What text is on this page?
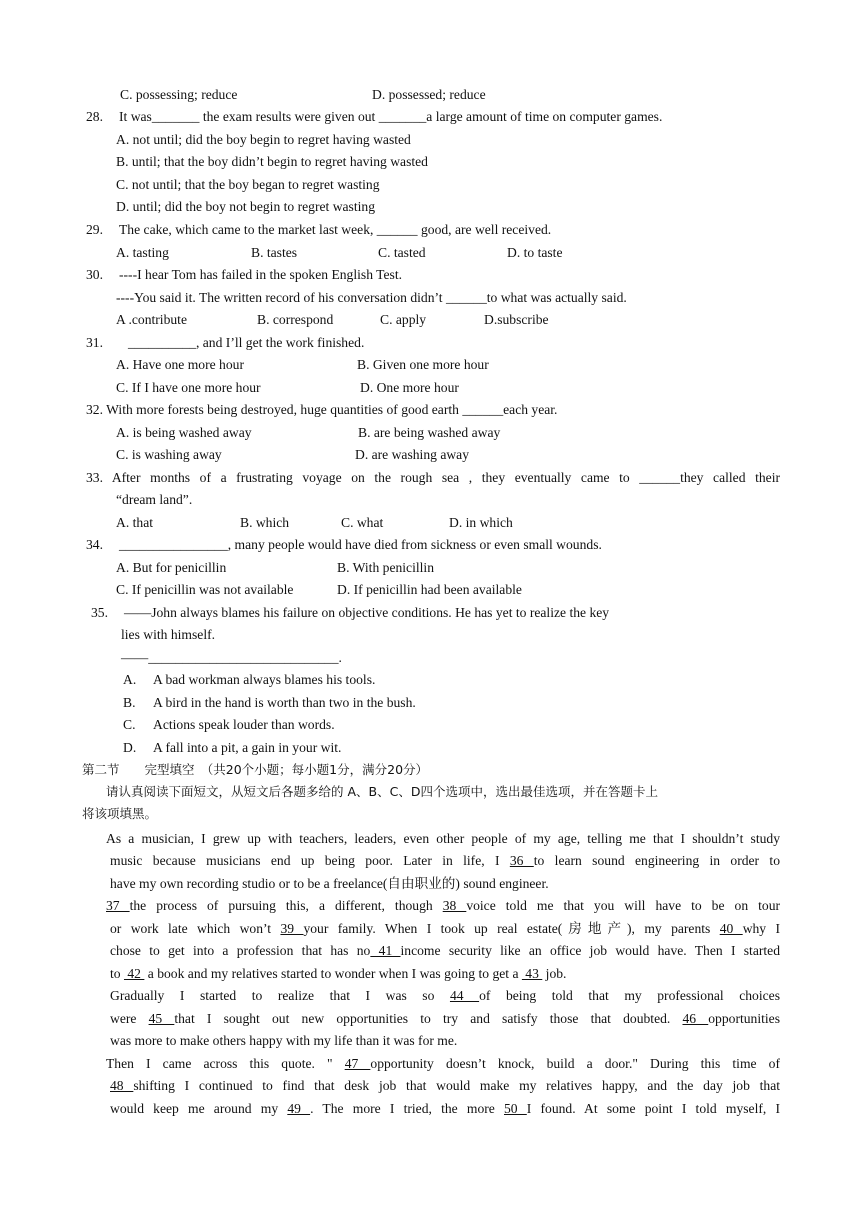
C. possessing; reduce	D. possessed; reduce
28. It was_______ the exam results were given out _______a large amount of time on computer games.
A. not until; did the boy begin to regret having wasted
B. until; that the boy didn’t begin to regret having wasted
C. not until; that the boy began to regret wasting
D. until; did the boy not begin to regret wasting
29. The cake, which came to the market last week, ______ good, are well received.
A. tasting	B. tastes	C. tasted	D. to taste
30. ----I hear Tom has failed in the spoken English Test.
----You said it. The written record of his conversation didn’t ______to what was actually said.
A .contribute	B. correspond	C. apply	D.subscribe
31. __________, and I’ll get the work finished.
A. Have one more hour	B. Given one more hour
C. If I have one more hour	D. One more hour
32. With more forests being destroyed, huge quantities of good earth ______each year.
A. is being washed away	B. are being washed away
C. is washing away	D. are washing away
33. After months of a frustrating voyage on the rough sea , they eventually came to ______they called their
“dream land”.
A. that	B. which	C. what	D. in which
34. ________________, many people would have died from sickness or even small wounds.
A. But for penicillin	B. With penicillin
C. If penicillin was not available	D. If penicillin had been available
35. ——John always blames his failure on objective conditions. He has yet to realize the key
lies with himself.
——____________________________.
A. A bad workman always blames his tools.
B. A bird in the hand is worth than two in the bush.
C. Actions speak louder than words.
D. A fall into a pit, a gain in your wit.
第二节　　完型填空　（共20个小题；每小题1分，满分20分）
请认真阅读下面短文，从短文后各题多给的 A、B、C、D四个选项中，选出最佳选项，并在答题卡上
将该项填黑。
As a musician, I grew up with teachers, leaders, even other people of my age, telling me that I shouldn’t study
music because musicians end up being poor. Later in life, I 36 to learn sound engineering in order to
have my own recording studio or to be a freelance(自由职业的) sound engineer.
37 the process of pursuing this, a different, though 38 voice told me that you will have to be on tour
or work late which won’t 39 your family. When I took up real estate(房地产), my parents 40 why I
chose to get into a profession that has no 41 income security like an office job would have. Then I started
to  42  a book and my relatives started to wonder when I was going to get a  43  job.
Gradually I started to realize that I was so 44 of being told that my professional choices
were 45 that I sought out new opportunities to try and satisfy those that doubted. 46 opportunities
was more to make others happy with my life than it was for me.
Then I came across this quote. " 47 opportunity doesn’t knock, build a door." During this time of
48 shifting I continued to find that desk job that would make my relatives happy, and the day job that
would keep me around my 49 . The more I tried, the more 50 I found. At some point I told myself, I
